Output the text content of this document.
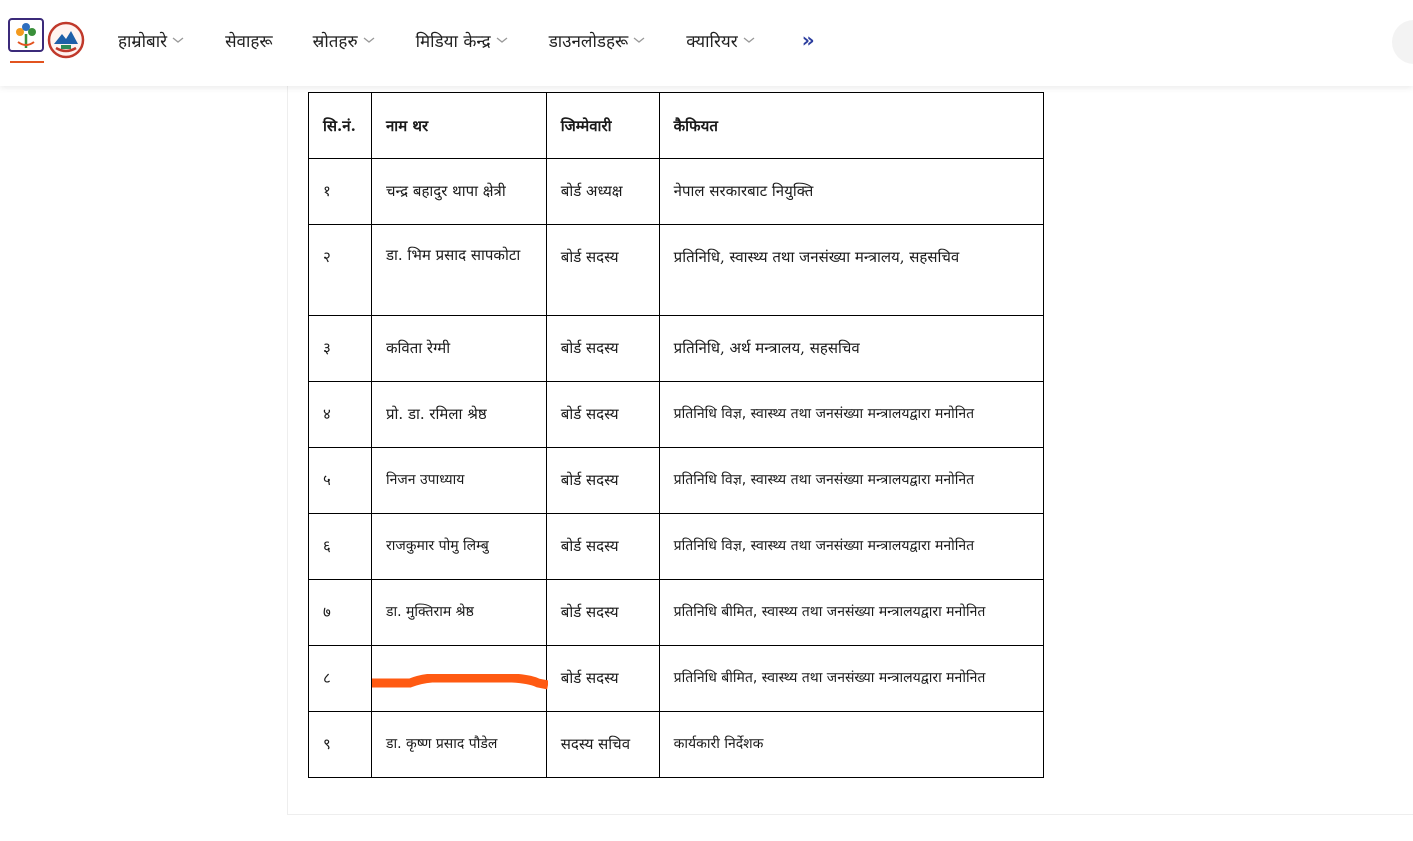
हाम्रोबारे	सेवाहरू स्रोतहरु	मिडिया केन्द्र	डाउनलोडहरू	क्यारियर	»
सि.नं.	नाम थर	जिम्मेवारी	कैफियत
१	चन्द्र बहादुर थापा क्षेत्री	बोर्ड अध्यक्ष	नेपाल सरकारबाट नियुक्ति
२	डा. भिम प्रसाद सापकोटा	बोर्ड सदस्य	प्रतिनिधि, स्वास्थ्य तथा जनसंख्या मन्त्रालय, सहसचिव
३	कविता रेग्मी	बोर्ड सदस्य	प्रतिनिधि, अर्थ मन्त्रालय, सहसचिव
४	प्रो. डा. रमिला श्रेष्ठ	बोर्ड सदस्य	प्रतिनिधि विज्ञ, स्वास्थ्य तथा जनसंख्या मन्त्रालयद्वारा मनोनित
५	निजन उपाध्याय	बोर्ड सदस्य	प्रतिनिधि विज्ञ, स्वास्थ्य तथा जनसंख्या मन्त्रालयद्वारा मनोनित
६	राजकुमार पोमु लिम्बु	बोर्ड सदस्य	प्रतिनिधि विज्ञ, स्वास्थ्य तथा जनसंख्या मन्त्रालयद्वारा मनोनित
७	डा. मुक्तिराम श्रेष्ठ	बोर्ड सदस्य	प्रतिनिधि बीमित, स्वास्थ्य तथा जनसंख्या मन्त्रालयद्वारा मनोनित
८		बोर्ड सदस्य	प्रतिनिधि बीमित, स्वास्थ्य तथा जनसंख्या मन्त्रालयद्वारा मनोनित
९	डा. कृष्ण प्रसाद पौडेल	सदस्य सचिव	कार्यकारी निर्देशक
